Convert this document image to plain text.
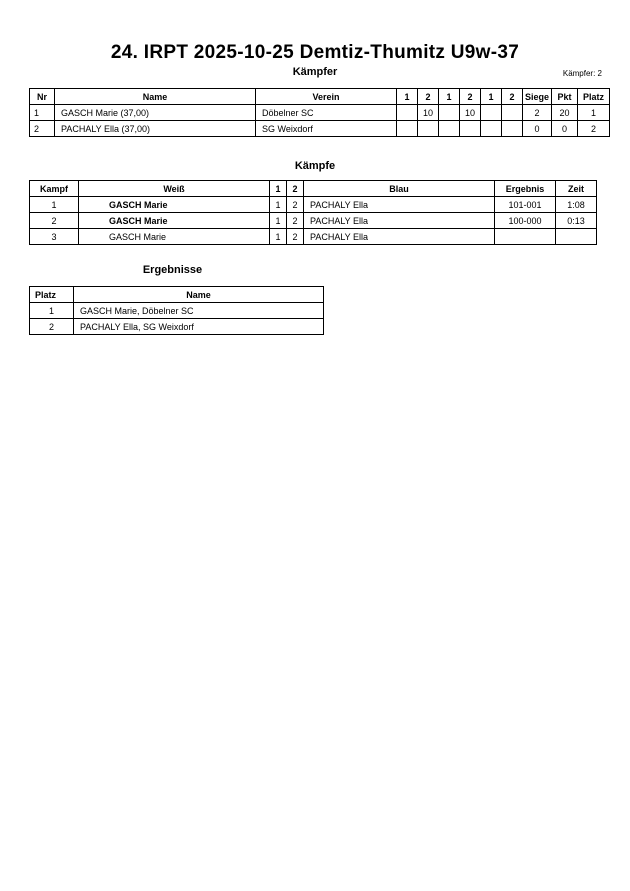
24. IRPT 2025-10-25 Demtiz-Thumitz U9w-37
Kämpfer	Kämpfer: 2
Nr	Name	Verein	1	2	1	2	1	2	Siege	Pkt	Platz
1	GASCH Marie (37,00)	Döbelner SC		10		10			2	20	1
2	PACHALY Ella (37,00)	SG Weixdorf							0	0	2
Kämpfe
Kampf	Weiß	1	2	Blau	Ergebnis	Zeit
1	GASCH Marie	1	2	PACHALY Ella	101-001	1:08
2	GASCH Marie	1	2	PACHALY Ella	100-000	0:13
3	GASCH Marie	1	2	PACHALY Ella		
Ergebnisse
Platz	Name
1	GASCH Marie, Döbelner SC
2	PACHALY Ella, SG Weixdorf
